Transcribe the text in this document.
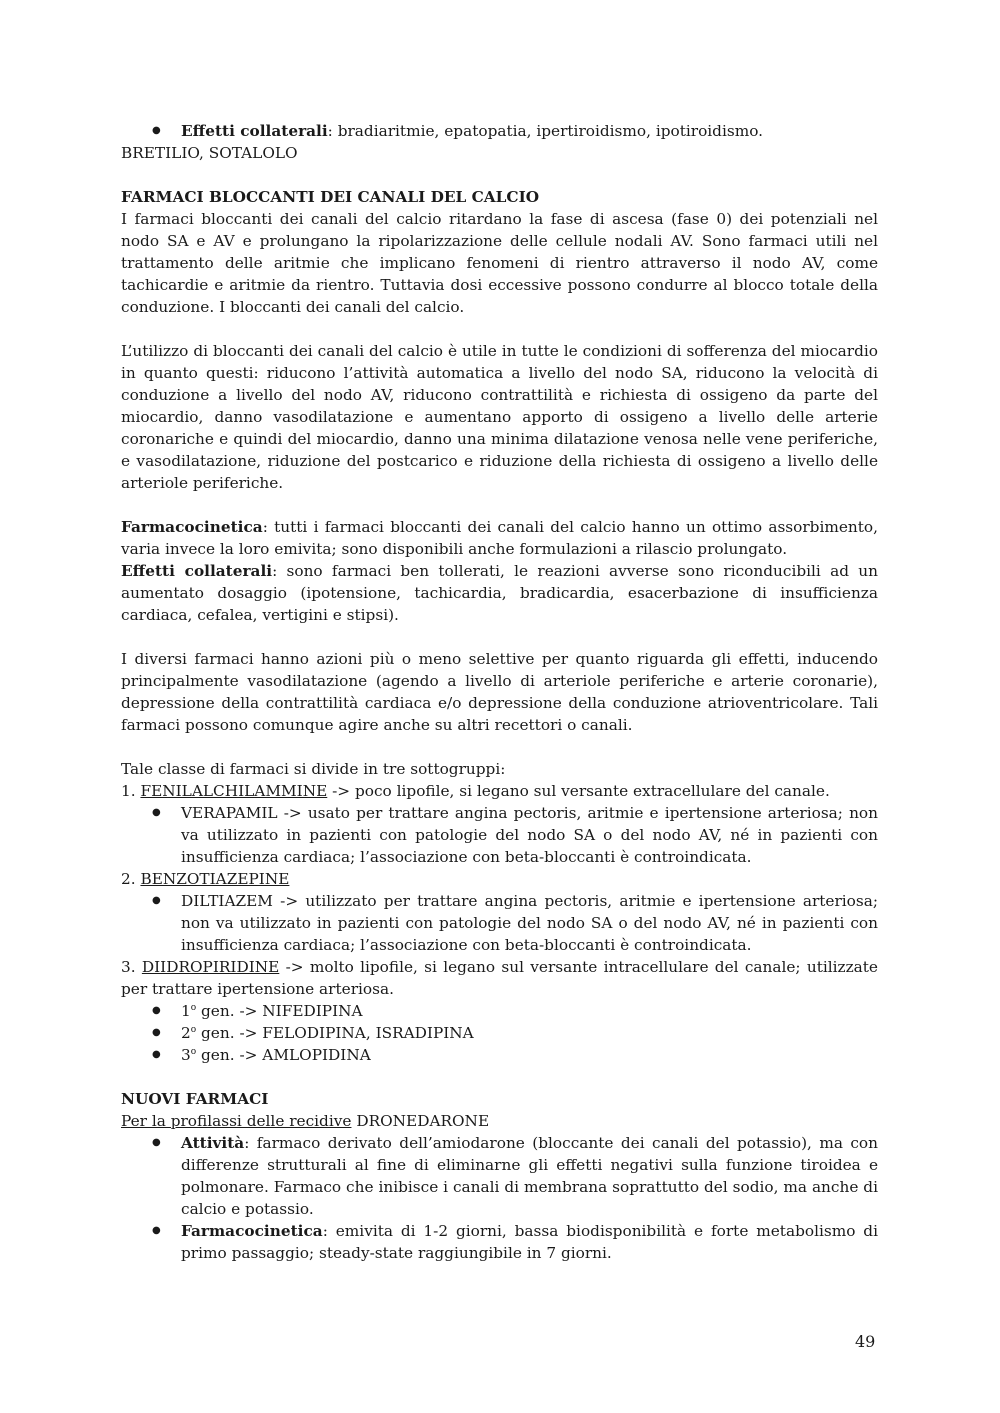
● Effetti collaterali: bradiaritmie, epatopatia, ipertiroidismo, ipotiroidismo.

BRETILIO, SOTALOLO

FARMACI BLOCCANTI DEI CANALI DEL CALCIO

I farmaci bloccanti dei canali del calcio ritardano la fase di ascesa (fase 0) dei potenziali nel nodo SA e AV e prolungano la ripolarizzazione delle cellule nodali AV. Sono farmaci utili nel trattamento delle aritmie che implicano fenomeni di rientro attraverso il nodo AV, come tachicardie e aritmie da rientro. Tuttavia dosi eccessive possono condurre al blocco totale della conduzione. I bloccanti dei canali del calcio.

L’utilizzo di bloccanti dei canali del calcio è utile in tutte le condizioni di sofferenza del miocardio in quanto questi: riducono l’attività automatica a livello del nodo SA, riducono la velocità di conduzione a livello del nodo AV, riducono contrattilità e richiesta di ossigeno da parte del miocardio, danno vasodilatazione e aumentano apporto di ossigeno a livello delle arterie coronariche e quindi del miocardio, danno una minima dilatazione venosa nelle vene periferiche, e vasodilatazione, riduzione del postcarico e riduzione della richiesta di ossigeno a livello delle arteriole periferiche.

Farmacocinetica: tutti i farmaci bloccanti dei canali del calcio hanno un ottimo assorbimento, varia invece la loro emivita; sono disponibili anche formulazioni a rilascio prolungato.

Effetti collaterali: sono farmaci ben tollerati, le reazioni avverse sono riconducibili ad un aumentato dosaggio (ipotensione, tachicardia, bradicardia, esacerbazione di insufficienza cardiaca, cefalea, vertigini e stipsi).

I diversi farmaci hanno azioni più o meno selettive per quanto riguarda gli effetti, inducendo principalmente vasodilatazione (agendo a livello di arteriole periferiche e arterie coronarie), depressione della contrattilità cardiaca e/o depressione della conduzione atrioventricolare. Tali farmaci possono comunque agire anche su altri recettori o canali.

Tale classe di farmaci si divide in tre sottogruppi:

1. FENILALCHILAMMINE -> poco lipofile, si legano sul versante extracellulare del canale.

● VERAPAMIL -> usato per trattare angina pectoris, aritmie e ipertensione arteriosa; non va utilizzato in pazienti con patologie del nodo SA o del nodo AV, né in pazienti con insufficienza cardiaca; l’associazione con beta-bloccanti è controindicata.

2. BENZOTIAZEPINE

● DILTIAZEM -> utilizzato per trattare angina pectoris, aritmie e ipertensione arteriosa; non va utilizzato in pazienti con patologie del nodo SA o del nodo AV, né in pazienti con insufficienza cardiaca; l’associazione con beta-bloccanti è controindicata.

3. DIIDROPIRIDINE -> molto lipofile, si legano sul versante intracellulare del canale; utilizzate per trattare ipertensione arteriosa.

● 1$^o$ gen. -> NIFEDIPINA
● 2$^o$ gen. -> FELODIPINA, ISRADIPINA
● 3$^o$ gen. -> AMLOPIDINA
NUOVI FARMACI

Per la profilassi delle recidive DRONEDARONE

● Attività: farmaco derivato dell’amiodarone (bloccante dei canali del potassio), ma con differenze strutturali al fine di eliminarne gli effetti negativi sulla funzione tiroidea e polmonare. Farmaco che inibisce i canali di membrana soprattutto del sodio, ma anche di calcio e potassio.
● Farmacocinetica: emivita di 1-2 giorni, bassa biodisponibilità e forte metabolismo di primo passaggio; steady-state raggiungibile in 7 giorni.
49
